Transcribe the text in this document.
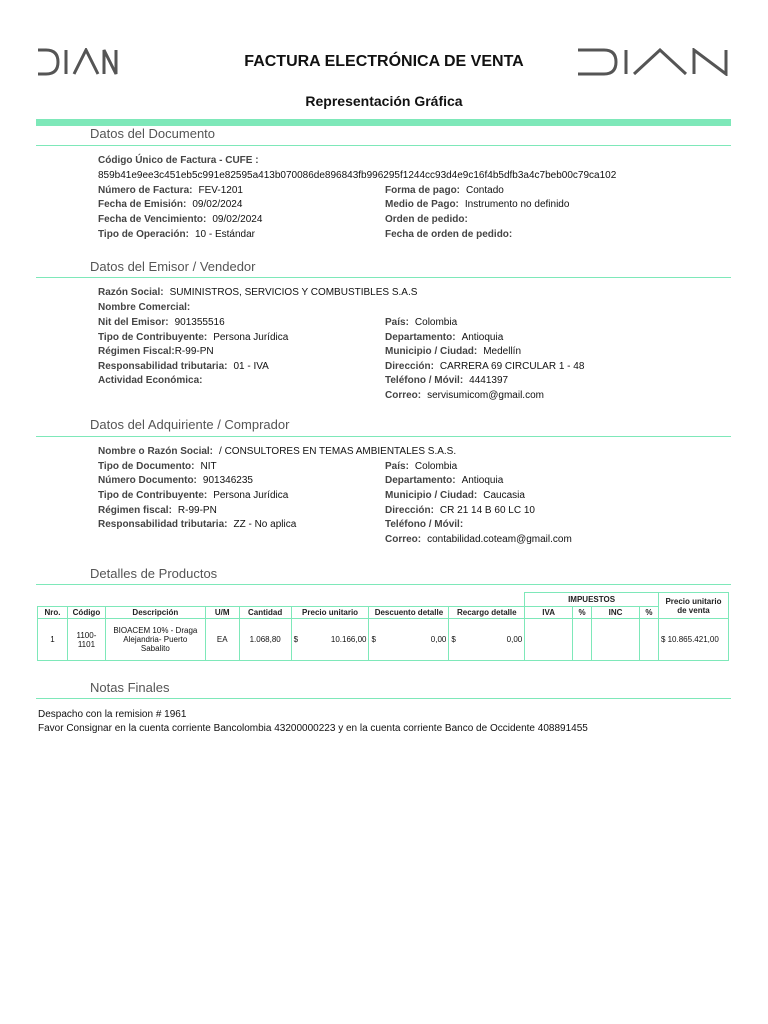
FACTURA ELECTRÓNICA DE VENTA
Representación Gráfica
Datos del Documento
Código Único de Factura - CUFE :
859b41e9ee3c451eb5c991e82595a413b070086de896843fb996295f1244cc93d4e9c16f4b5dfb3a4c7beb00c79ca102
Número de Factura: FEV-1201
Fecha de Emisión: 09/02/2024
Fecha de Vencimiento: 09/02/2024
Tipo de Operación: 10 - Estándar
Forma de pago: Contado
Medio de Pago: Instrumento no definido
Orden de pedido:
Fecha de orden de pedido:
Datos del Emisor / Vendedor
Razón Social: SUMINISTROS, SERVICIOS Y COMBUSTIBLES S.A.S
Nombre Comercial:
Nit del Emisor: 901355516
Tipo de Contribuyente: Persona Jurídica
Régimen Fiscal:R-99-PN
Responsabilidad tributaria: 01 - IVA
Actividad Económica:
País: Colombia
Departamento: Antioquia
Municipio / Ciudad: Medellín
Dirección: CARRERA 69 CIRCULAR 1 - 48
Teléfono / Móvil: 4441397
Correo: servisumicom@gmail.com
Datos del Adquiriente / Comprador
Nombre o Razón Social: / CONSULTORES EN TEMAS AMBIENTALES S.A.S.
Tipo de Documento: NIT
Número Documento: 901346235
Tipo de Contribuyente: Persona Jurídica
Régimen fiscal: R-99-PN
Responsabilidad tributaria: ZZ - No aplica
País: Colombia
Departamento: Antioquia
Municipio / Ciudad: Caucasia
Dirección: CR 21 14 B 60 LC 10
Teléfono / Móvil:
Correo: contabilidad.coteam@gmail.com
Detalles de Productos
								IMPUESTOS				Precio unitario de venta
Nro.	Código	Descripción	U/M	Cantidad	Precio unitario	Descuento detalle	Recargo detalle	IVA	%	INC	%	
1	1100-1101	BIOACEM 10% - Draga Alejandria- Puerto Sabalito	EA	1.068,80	$ 10.166,00	$ 0,00	$ 0,00					$ 10.865.421,00
Notas Finales
Despacho con la remision # 1961
Favor Consignar en la cuenta corriente Bancolombia 43200000223 y en la cuenta corriente Banco de Occidente 408891455
